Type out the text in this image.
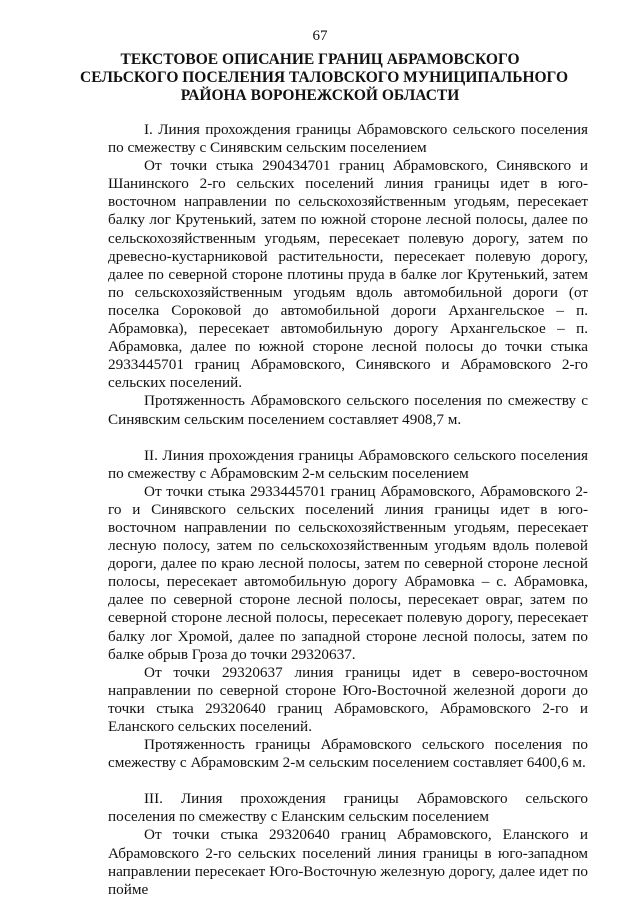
67
ТЕКСТОВОЕ ОПИСАНИЕ ГРАНИЦ АБРАМОВСКОГО
СЕЛЬСКОГО ПОСЕЛЕНИЯ ТАЛОВСКОГО МУНИЦИПАЛЬНОГО
РАЙОНА ВОРОНЕЖСКОЙ ОБЛАСТИ

I. Линия прохождения границы Абрамовского сельского поселения по смежеству с Синявским сельским поселением

От точки стыка 290434701 границ Абрамовского, Синявского и Шанинского 2-го сельских поселений линия границы идет в юго-восточном направлении по сельскохозяйственным угодьям, пересекает балку лог Крутенький, затем по южной стороне лесной полосы, далее по сельскохозяйственным угодьям, пересекает полевую дорогу, затем по древесно-кустарниковой растительности, пересекает полевую дорогу, далее по северной стороне плотины пруда в балке лог Крутенький, затем по сельскохозяйственным угодьям вдоль автомобильной дороги (от поселка Сороковой до автомобильной дороги Архангельское – п. Абрамовка), пересекает автомобильную дорогу Архангельское – п. Абрамовка, далее по южной стороне лесной полосы до точки стыка 2933445701 границ Абрамовского, Синявского и Абрамовского 2-го сельских поселений.

Протяженность Абрамовского сельского поселения по смежеству с Синявским сельским поселением составляет 4908,7 м.

II. Линия прохождения границы Абрамовского сельского поселения по смежеству с Абрамовским 2-м сельским поселением

От точки стыка 2933445701 границ Абрамовского, Абрамовского 2-го и Синявского сельских поселений линия границы идет в юго-восточном направлении по сельскохозяйственным угодьям, пересекает лесную полосу, затем по сельскохозяйственным угодьям вдоль полевой дороги, далее по краю лесной полосы, затем по северной стороне лесной полосы, пересекает автомобильную дорогу Абрамовка – с. Абрамовка, далее по северной стороне лесной полосы, пересекает овраг, затем по северной стороне лесной полосы, пересекает полевую дорогу, пересекает балку лог Хромой, далее по западной стороне лесной полосы, затем по балке обрыв Гроза до точки 29320637.

От точки 29320637 линия границы идет в северо-восточном направлении по северной стороне Юго-Восточной железной дороги до точки стыка 29320640 границ Абрамовского, Абрамовского 2-го и Еланского сельских поселений.

Протяженность границы Абрамовского сельского поселения по смежеству с Абрамовским 2-м сельским поселением составляет 6400,6 м.

III. Линия прохождения границы Абрамовского сельского поселения по смежеству с Еланским сельским поселением

От точки стыка 29320640 границ Абрамовского, Еланского и Абрамовского 2-го сельских поселений линия границы в юго-западном направлении пересекает Юго-Восточную железную дорогу, далее идет по пойме
